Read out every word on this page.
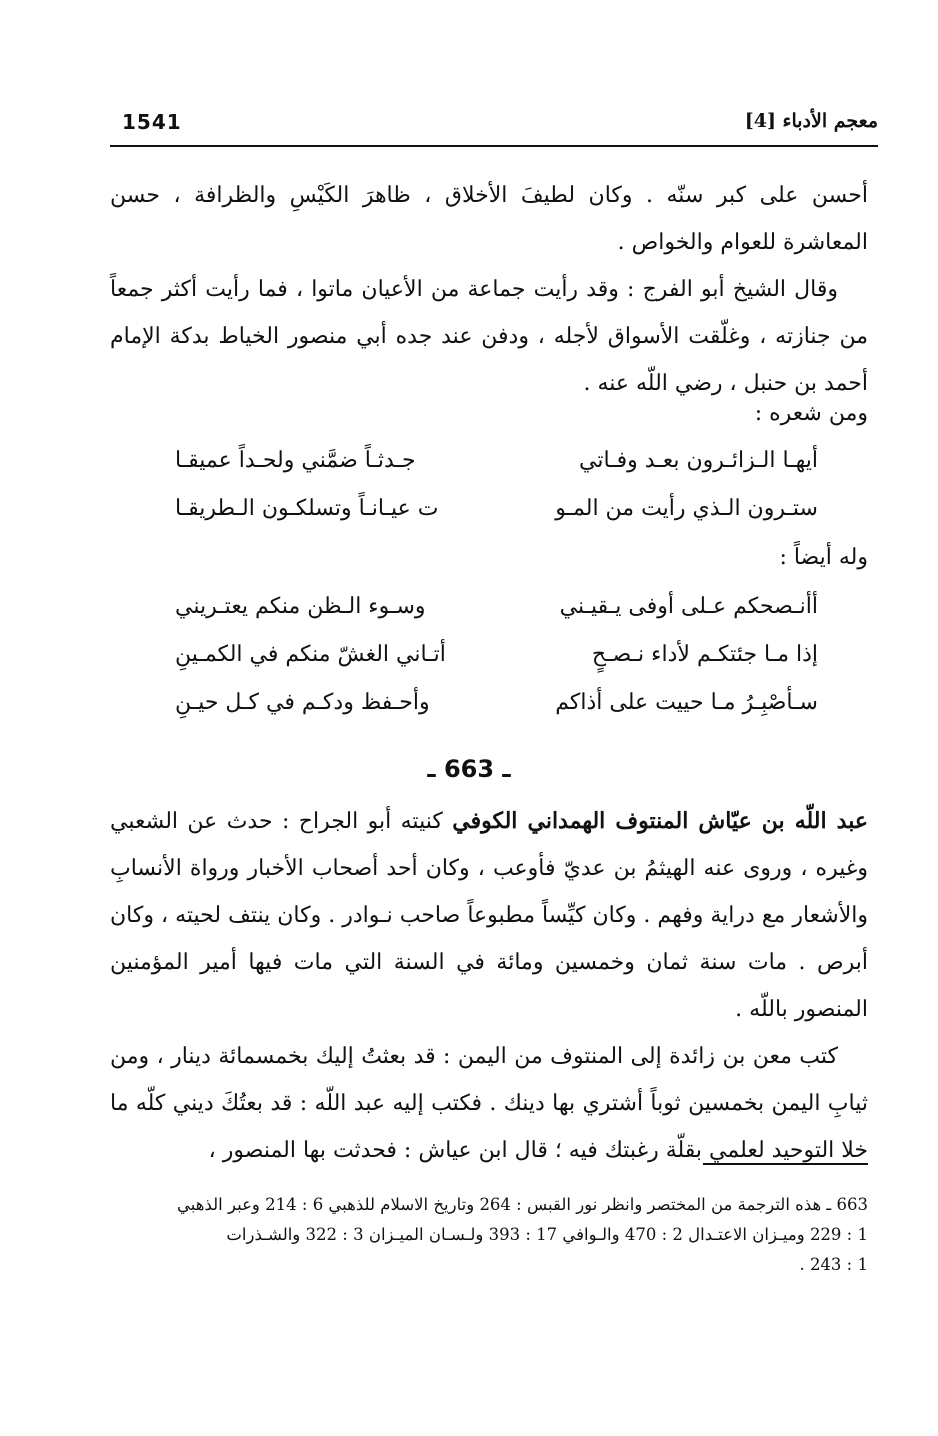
1541	معجم الأدباء [4]

أحسن على كبر سنّه . وكان لطيفَ الأخلاق ، ظاهرَ الكَيْسِ والظرافة ، حسن المعاشرة للعوام والخواص .

وقال الشيخ أبو الفرج : وقد رأيت جماعة من الأعيان ماتوا ، فما رأيت أكثر جمعاً من جنازته ، وغلّقت الأسواق لأجله ، ودفن عند جده أبي منصور الخياط بدكة الإمام أحمد بن حنبل ، رضي اللّه عنه .

ومن شعره :
أيهـا الـزائـرون بعـد وفـاتي
جـدثـاً ضمَّني ولحـداً عميقـا
ستـرون الـذي رأيت من المـو
ت عيـانـاً وتسلكـون الـطريقـا
وله أيضاً :
أأنـصحكم عـلى أوفى يـقيـني
وسـوء الـظن منكم يعتـريني
إذا مـا جئتكـم لأداء نـصـحٍ
أتـاني الغشّ منكم في الكمـينِ
سـأصْبِـرُ مـا حييت على أذاكم
وأحـفظ ودكـم في كـل حيـنِ
ـ 663 ـ

عبد اللّه بن عيّاش المنتوف الهمداني الكوفي كنيته أبو الجراح : حدث عن الشعبي وغيره ، وروى عنه الهيثمُ بن عديّ فأوعب ، وكان أحد أصحاب الأخبار ورواة الأنسابِ والأشعار مع دراية وفهم . وكان كيِّساً مطبوعاً صاحب نـوادر . وكان ينتف لحيته ، وكان أبرص . مات سنة ثمان وخمسين ومائة في السنة التي مات فيها أمير المؤمنين المنصور باللّه .

كتب معن بن زائدة إلى المنتوف من اليمن : قد بعثتُ إليك بخمسمائة دينار ، ومن ثيابِ اليمن بخمسين ثوباً أشتري بها دينك . فكتب إليه عبد اللّه : قد بعتُكَ ديني كلّه ما خلا التوحيد لعلمي بقلّة رغبتك فيه ؛ قال ابن عياش : فحدثت بها المنصور ،

663 ـ هذه الترجمة من المختصر وانظر نور القبس : 264 وتاريخ الاسلام للذهبي 6 : 214 وعبر الذهبي

1 : 229 وميـزان الاعتـدال 2 : 470 والـوافي 17 : 393 ولـسـان الميـزان 3 : 322 والشـذرات

1 : 243 .
